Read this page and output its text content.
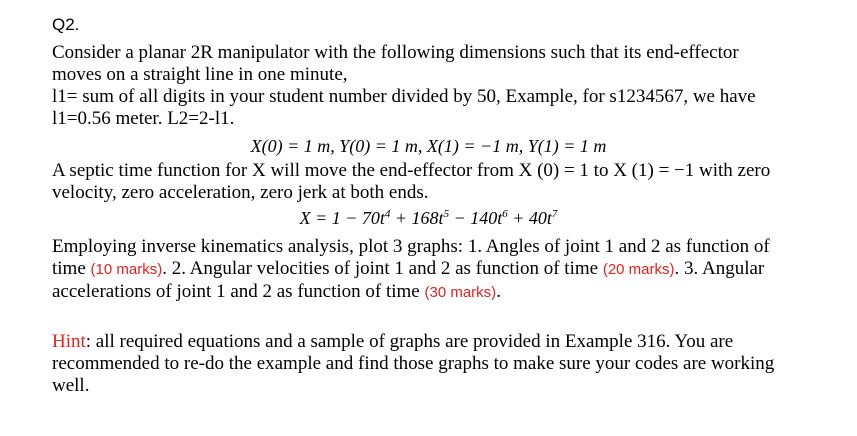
Q2.
Consider a planar 2R manipulator with the following dimensions such that its end-effector
moves on a straight line in one minute,
l1= sum of all digits in your student number divided by 50, Example, for s1234567, we have
l1=0.56 meter. L2=2-l1.
X(0) = 1 m, Y(0) = 1 m, X(1) = −1 m, Y(1) = 1 m
A septic time function for X will move the end-effector from X (0) = 1 to X (1) = −1 with zero
velocity, zero acceleration, zero jerk at both ends.
$X = 1 - 70t^4 + 168t^5 - 140t^6 + 40t^7$
Employing inverse kinematics analysis, plot 3 graphs: 1. Angles of joint 1 and 2 as function of
time (10 marks). 2. Angular velocities of joint 1 and 2 as function of time (20 marks). 3. Angular
accelerations of joint 1 and 2 as function of time (30 marks).
Hint: all required equations and a sample of graphs are provided in Example 316. You are
recommended to re-do the example and find those graphs to make sure your codes are working
well.
